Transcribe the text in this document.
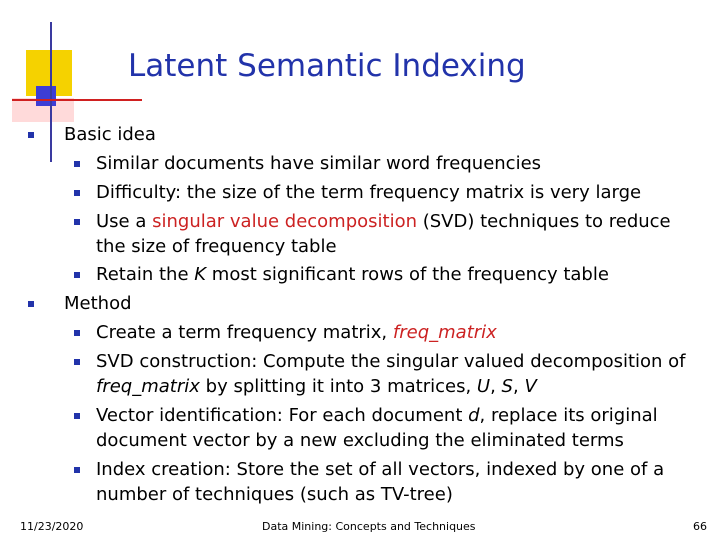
Latent Semantic Indexing
Basic idea
Similar documents have similar word frequencies
Difficulty: the size of the term frequency matrix is very large
Use a singular value decomposition (SVD) techniques to reduce
the size of frequency table
Retain the K most significant rows of the frequency table
Method
Create a term frequency matrix, freq_matrix
SVD construction: Compute the singular valued decomposition of
freq_matrix by splitting it into 3 matrices, U, S, V
Vector identification: For each document d, replace its original
document vector by a new excluding the eliminated terms
Index creation: Store the set of all vectors, indexed by one of a
number of techniques (such as TV-tree)
11/23/2020	Data Mining: Concepts and Techniques	66
